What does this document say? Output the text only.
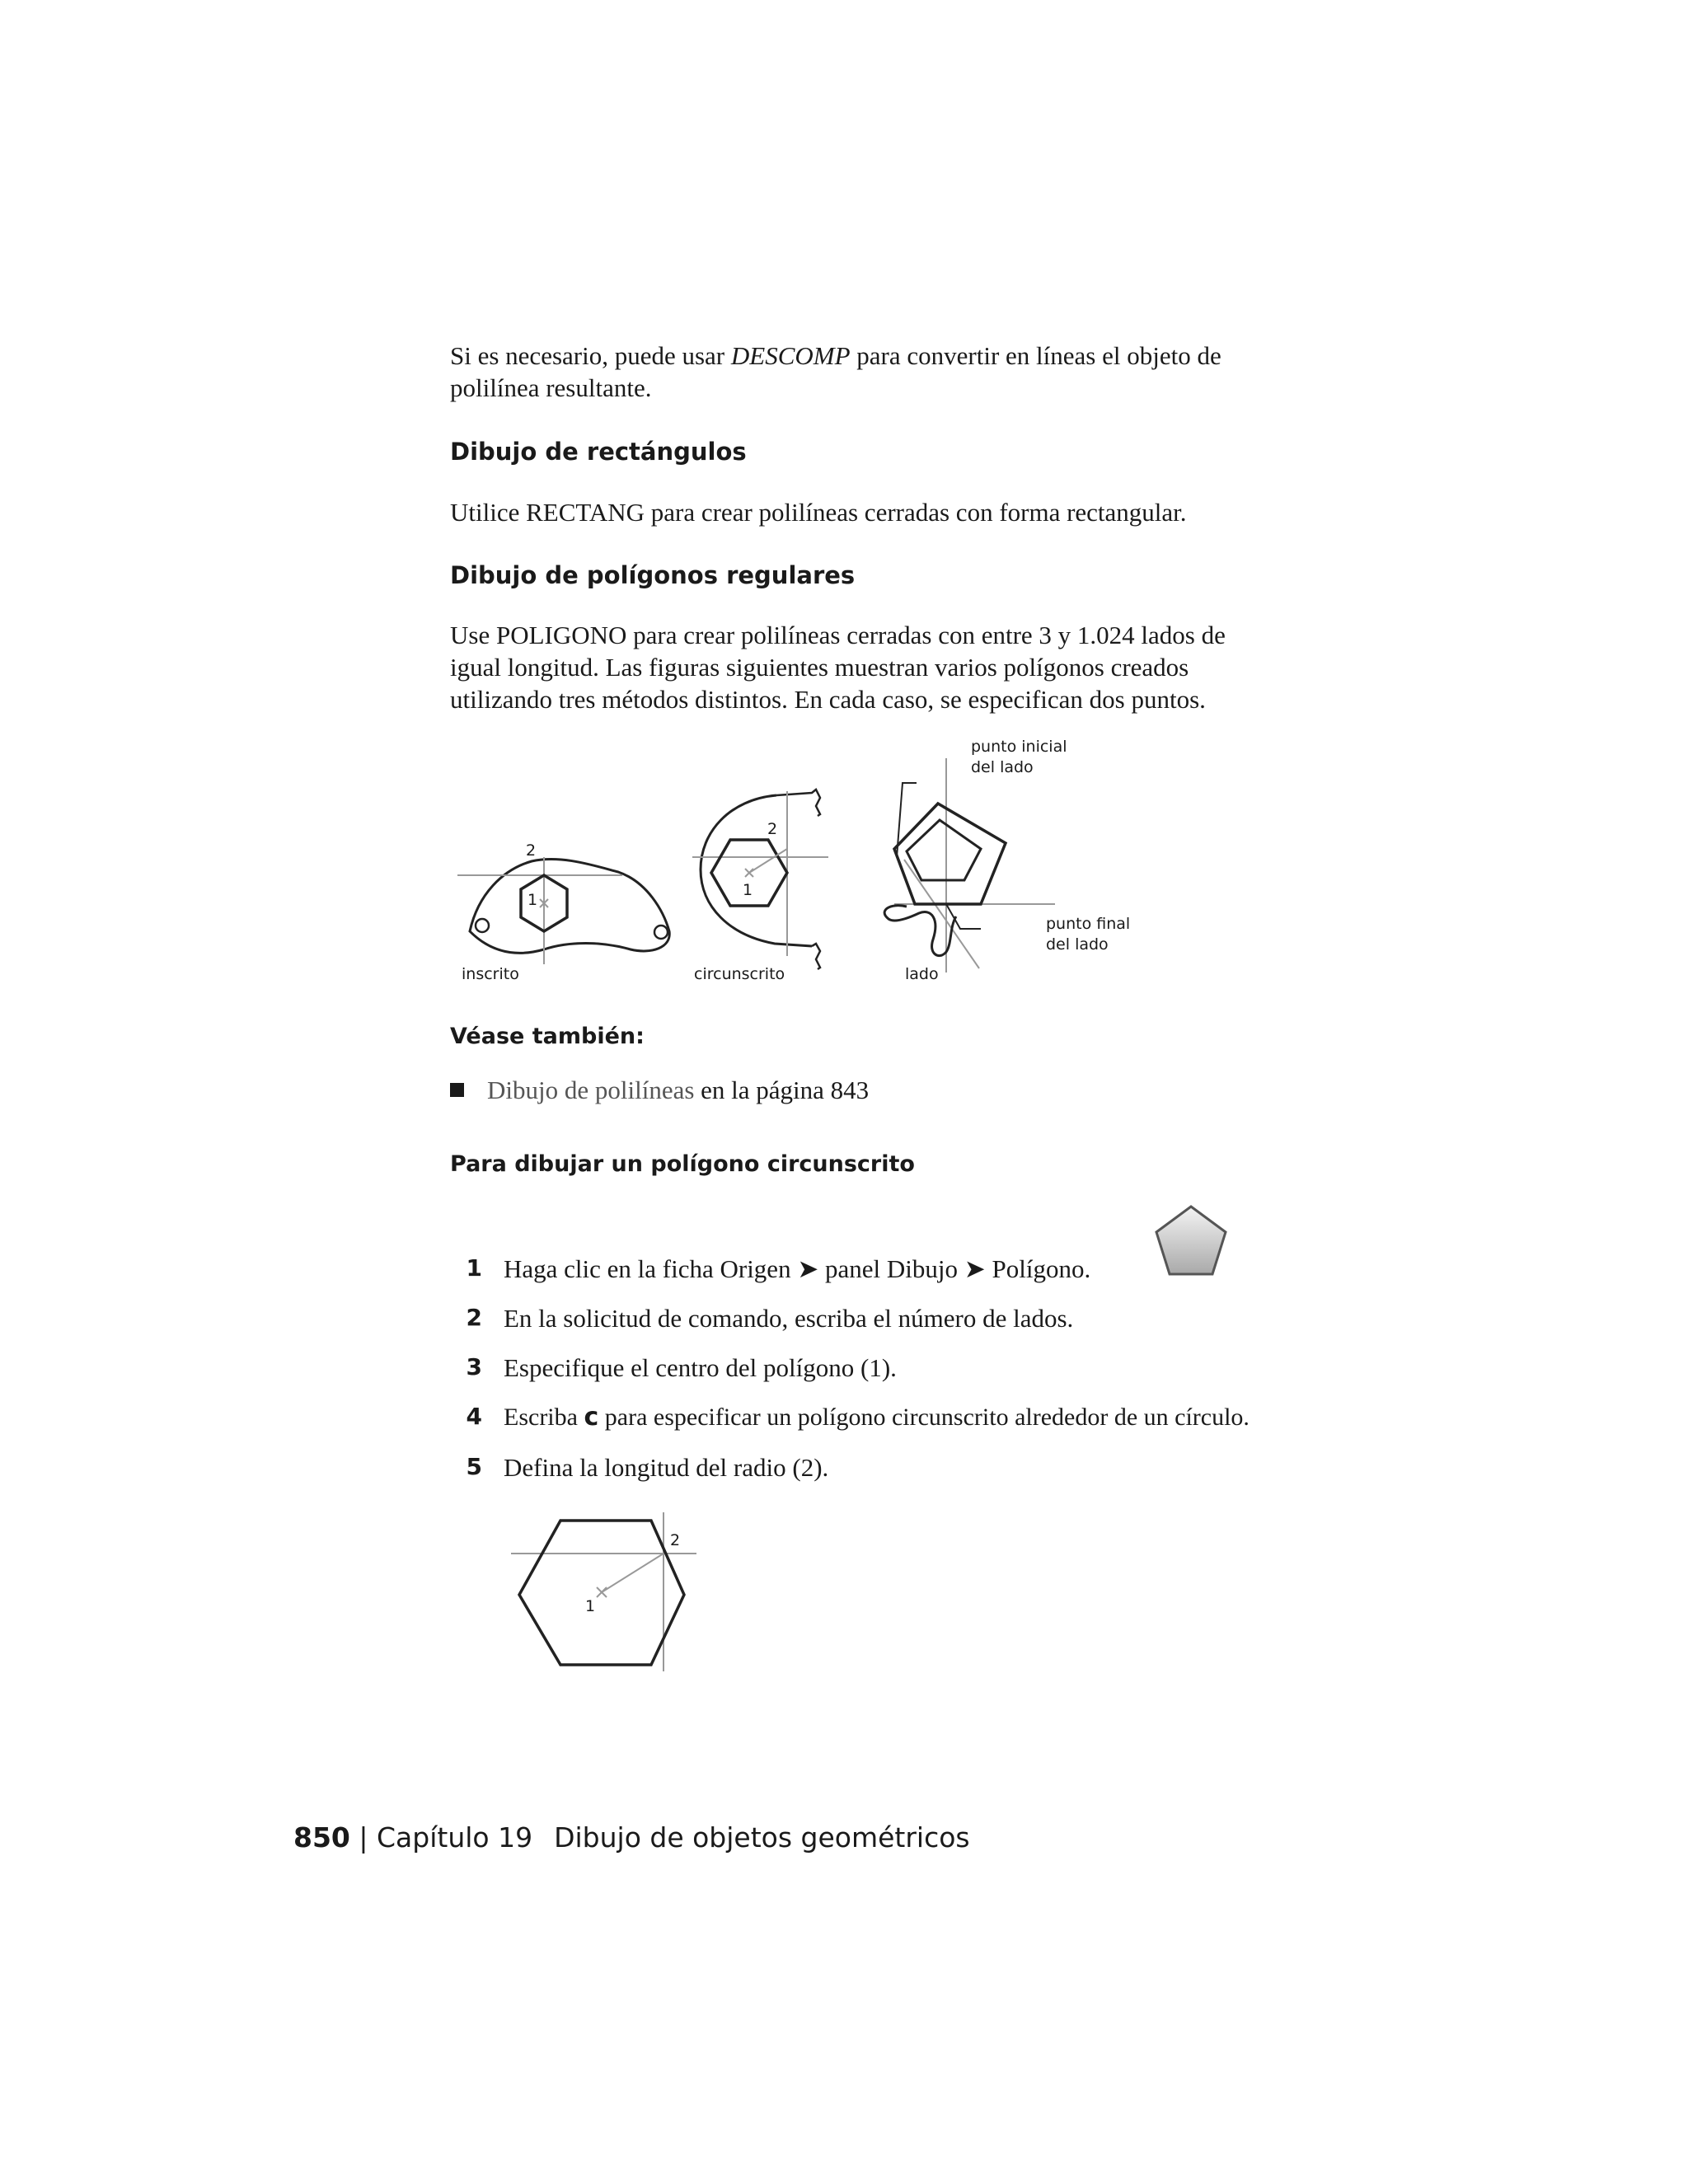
Si es necesario, puede usar DESCOMP para convertir en líneas el objeto de
polilínea resultante.
Dibujo de rectángulos
Utilice RECTANG para crear polilíneas cerradas con forma rectangular.
Dibujo de polígonos regulares
Use POLIGONO para crear polilíneas cerradas con entre 3 y 1.024 lados de
igual longitud. Las figuras siguientes muestran varios polígonos creados
utilizando tres métodos distintos. En cada caso, se especifican dos puntos.
1
2
inscrito
1
2
circunscrito
punto inicial
del lado
punto final
del lado
lado
Véase también:
Dibujo de polilíneas en la página 843
Para dibujar un polígono circunscrito
1 Haga clic en la ficha Origen ➤ panel Dibujo ➤ Polígono.
2 En la solicitud de comando, escriba el número de lados.
3 Especifique el centro del polígono (1).
4 Escriba c para especificar un polígono circunscrito alrededor de un círculo.
5 Defina la longitud del radio (2).
1
2
850 | Capítulo 19 Dibujo de objetos geométricos
